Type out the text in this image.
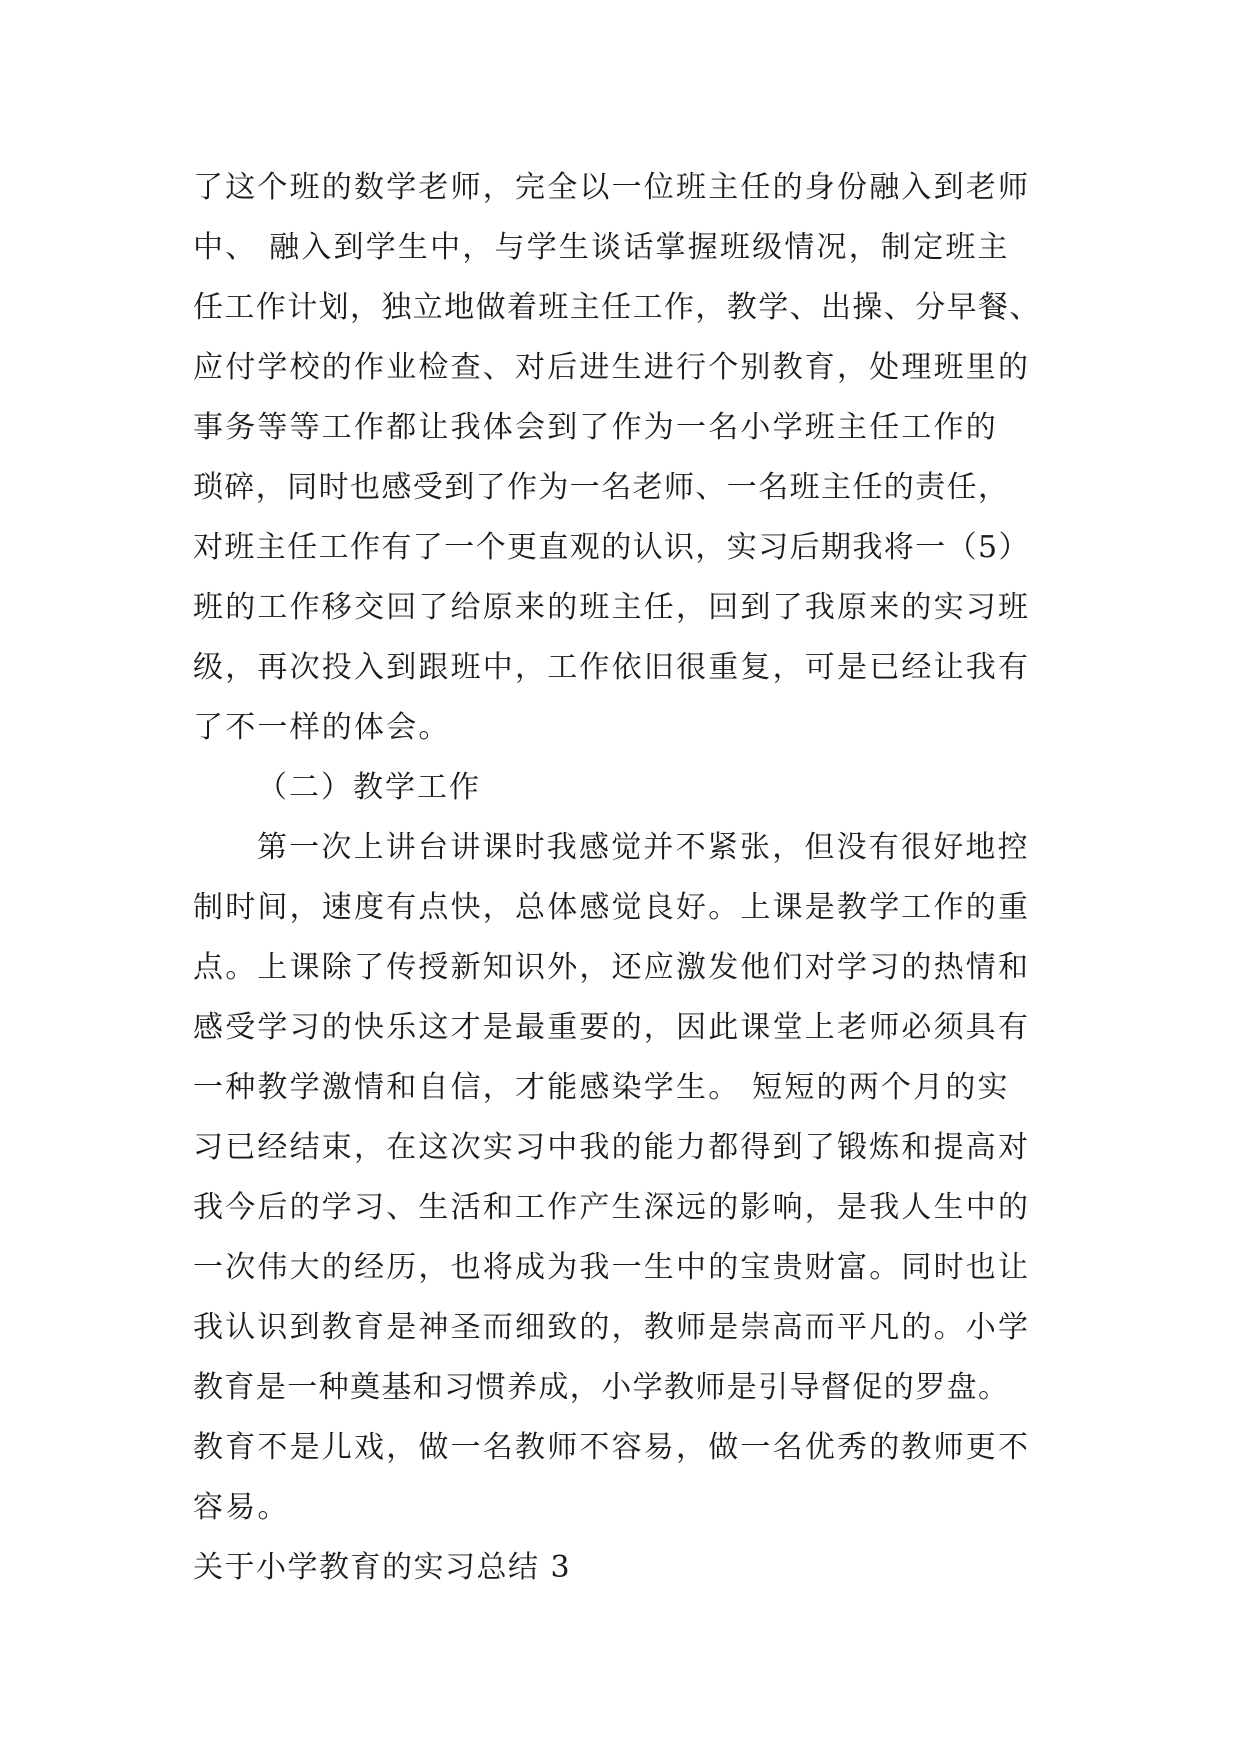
了这个班的数学老师，完全以一位班主任的身份融入到老师
中、 融入到学生中，与学生谈话掌握班级情况，制定班主
任工作计划，独立地做着班主任工作，教学、出操、分早餐、
应付学校的作业检查、对后进生进行个别教育，处理班里的
事务等等工作都让我体会到了作为一名小学班主任工作的
琐碎，同时也感受到了作为一名老师、一名班主任的责任，
对班主任工作有了一个更直观的认识，实习后期我将一（5）
班的工作移交回了给原来的班主任，回到了我原来的实习班
级，再次投入到跟班中，工作依旧很重复，可是已经让我有
了不一样的体会。
（二）教学工作
第一次上讲台讲课时我感觉并不紧张，但没有很好地控
制时间，速度有点快，总体感觉良好。上课是教学工作的重
点。上课除了传授新知识外，还应激发他们对学习的热情和
感受学习的快乐这才是最重要的，因此课堂上老师必须具有
一种教学激情和自信，才能感染学生。 短短的两个月的实
习已经结束，在这次实习中我的能力都得到了锻炼和提高对
我今后的学习、生活和工作产生深远的影响，是我人生中的
一次伟大的经历，也将成为我一生中的宝贵财富。同时也让
我认识到教育是神圣而细致的，教师是崇高而平凡的。小学
教育是一种奠基和习惯养成，小学教师是引导督促的罗盘。
教育不是儿戏，做一名教师不容易，做一名优秀的教师更不
容易。
关于小学教育的实习总结 3
